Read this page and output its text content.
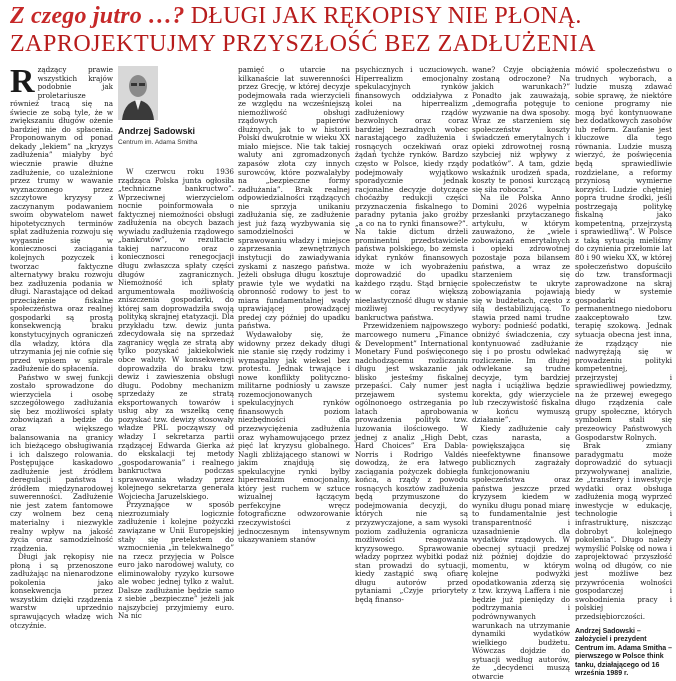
Z czego jutro …? DŁUGI JAK RĘKOPISY NIE PŁONĄ.
ZAPROJEKTUJMY PRZYSZŁOŚĆ BEZ ZADŁUŻENIA
R ządzący prawie wszystkich krajów podobnie jak proletariusze również tracą się na świecie ze sobą tyle, że w zwiększaniu długów ożenie bardziej nie do spłacenia. Proponowanym od ponad dekady „lekiem” na „kryzys zadłużenia” miałyby być wiecznie prawie dłużne zadłużenie, co uzależnione przez trumy w wawanie wyznaczonego przez szczytowe kryzysy z zaczynanym podawaniem swoim obywatelom nawet hipotetycznych terminów spłat zadłużenia rozwoju się wygasnie się w koniecznosci zaciągania kolejnych pozyczek i tworzac faktyczne alternatywy braku rozwoju bez zadłuzenia podania w długi. Narastające od dekad przeciążenie fiskalne społeczeństwa oraz realnej gospodarki są prostą konsekwencją braku konstytucyjnych ograniczeń dla władzy, która dla utrzymania jej nie cofnie się przed wpisem w spirale zadłużenie do spłacenia.

Państwo w swej funkcji zostało sprowadzone do wierzyciela i osobę szczegółowego zadłużania się bez możliwości spłaty zobowiązań a będzie do oraz większego balansowania na granicy ich bieżącego obsługiwania i ich dalszego rolowania. Postępujące kaskadowo zadłużenie jest źródłem deregulacji państwa i źródłem międzynarodowej suwerenności. Zadłużenie nie jest zatem fantomowe czy wolnem bez ceną materialny i niezwykle realny wpływ na jakość życia oraz samodzielność rządzenia.

Długi jak rękopisy nie płoną i są przenoszone zadłużając na nienarodzone pokolenia jako konsekwencja przez wszystkim dzięki rządzenia warstw uprzednio sprawujących władzę wich otczyźnie.

Andrzej Sadowski
Centrum im. Adama Smitha

W czerwcu roku 1936 rządząca Polska junta ogłosiła „techniczne bankructwo”. Wprzeciwnej wierzycielom nocnie poinformowała o faktycznej niemożności obsługi zadłużenia na obcych bazach wywiadu zadłużenia rządowego „bankrutów”, w rezultacie takiej narzucono oraz o koniecznosci renegocjacji długu zwłaszcza spłaty części długów zagranicznych. Niemożność ich spłaty argumentowała możliwością zniszczenia gospodarki, do której sam doprowadziła swoją polityką skrajnej etatyzacji. Dla przykładu tzw. dewiz junta zdecydowała się na sprzedaż zagranicy węgla ze stratą aby tylko pozyskać jakiekolwiek obce waluty. W konsekwencji doprowadziła do braku tzw. dewiz i zawieszenia obsługi długu. Podobny mechanizm sprzedaży ze stratą eksportowanych towarów i usług aby za wszelką cenę pozyskać tzw. dewizy stosowały władze PRL począwszy od władzy I sekretarza partii rządzącej Edwarda Gierka aż do ekskalacji tej metody „gospodarowania” i realnego bankructwa podczas sprawowania władzy przez kolejnego sekretarza generała Wojciecha Jaruzelskiego.

Przyznające w sposób niezrozumiały logicznie zadłużenie i kolejne pożyczki zawiązane w Unii Europejskiej stały się pretekstem do wzmocnienia „in telekwalnego” na rzecz przyjęcia w Polsce euro jako narodowej waluty, co eliminowałoby ryzyko kursowe ale wobec jednej tylko z walut. Dalsze zadłużanie będzie samo z siebie „bezpieczne” jeżeli jak najszybciej przyjmiemy euro. Na nic

pamięć o utarcie na kilkanaście lat suwerenności przez Grecję, w której decyzje podejmowała rada wierzycieli ze względu na wcześniejszą niemożliwość obsługi rządowych papierów dłużnych, jak to w historii Polski dwukrotnie w wieku XX miało miejsce. Nie tak takiej waluty ani zgromadzonych zapasów złota czy innych surowców, które pozwalałyby na „bezpieczne formy zadłużania”. Brak realnej odpowiedzialności rządzących nie sprzyja unikaniu zadłużania się, ze zadłużenie jest już fazą wyzbywania się samodzielności w sprawowaniu władzy i miejsce zaprzesania zewnętrznych instytucji do zawiadywania zyskami z naszego państwa. Jeżeli obsługa długu kosztuje prawie tyle we wydatki na obronność rodowy to jest to miara fundamentalnej wady uprawiającej prowadzącej predej czy później do upadku państwa.

Wydawałoby się, że widowny przez dekady długi nie stanie się rzędy rodzimy i wymagalny jak wieksel bez protestu. Jednak trwające i nowe konflikty polityczno-militarne podniosły u zawsze rozemocjonowanych spekulacyjnych rynków finansowych poziom niezbędności dla przezwyciężenia zadłużenia oraz wyhamowującego przez pięć lat kryzysu globalnego. Nagli zbliżającego stanowi w jakim znajdują się spekulacyjne rynki byłby hiperrealizm emocjonalny, który jest ruchem w sztuce wizualnej łączącym perfekcyjne wręcz fotograficzne odwzorowanie rzeczywistości z jednoczesnym intensywnym ukazywaniem stanów

psychicznych i uczuciowych. Hiperrealizm emocjonalny spekulacyjnych rynków finansowych oddziaływa z kolei na hiperrealizm zadłużeniowy rządów bezwolnych oraz coraz bardziej bezradnych wobec narastającego zadłużenia i rosnących oczekiwań oraz żądań tychże rynków. Bardzo często w Polsce, kiedy rządy podejmowały wyjątkowo sporadycznie jednak racjonalne decyzje dotyczące choćażby redukcji części przyznaczenia fiskalnego to paradny pytania jako grożby „a co na to rynki finansowe?”. Na takie dictum drżeli prominentni przedstawiciele państwa polskiego, bo zemsta idykat rynków finansowych może w ich wyobrażeniu doprowadzić do upadku każdego rządu. Stąd brnięcie w coraz większą nieelastyczność długu w stanie możliwej recydywy bankructwa państwa.

Przewidzeniem najpowszego marcowego numeru „Finance & Development” International Monetary Fund poświęconego nadchodzącemu rozliczaniu długu jest wskazanie jak blisko jesteśmy fiskalnej przepaści. Cały numer jest przejawem systemu ogólnonoego ostrzegania po latach aprobowania prowadzenia polityk tzw. luzowania ilościowego. W jednej z analiz „High Debt, Hard Choices” Era Dabla-Norris i Rodrigo Valdés dowodzą, że era łatwego zaciągania pożyczek dobiegła końca, a rządy z powodu rosnących kosztów zadłużenia będą przymuszone do podejmowania decyzji, do których nie są przyzwyczajone, a sam wysoki poziom zadłużenia ogranicza możliwości reagowania kryzysowego. Sprawowanie władzy poprzez wybitki podaż stan prowadzi do sytuacji, kiedy zastąpić swą ofiarę długu autorów przed pytaniami „Czyje priorytety będą finanso-

wane? Czyje obciążenia zostaną odroczone? Na jakich warunkach?” Ponadto jak zauważają, „demografia potęguje to wyzwanie na dwa sposoby. Wraz ze starzeniem się społeczeństw koszty świadczeń emerytalnych i opieki zdrowotnej rosną szybciej niż wpływy z podatków”. A tam, gdzie wskaźnik urodzeń spada, koszty te ponosi kurczącą się siła robocza”.

Na ile Polska Anno Domini 2026 wypełnia przesłanki przytaczanego artykułu, w którym zauważono, że „wiele zobowiązań emerytalnych i opieki zdrowotnej pozostaje poza bilansem państwa, a wraz ze starzeniem się społeczeństw te ukryte zobowiązania pojawiają się w budżetach, często z siłą destabilizującą. To stawia przed nami trudne wybory: podnieść podatki, obniżyć świadczenia, czy kontynuować zadłużanie się i po prostu odwlekać rozliczenie. Im dłużej odwlekane są trudne decyzje, tym bardziej nagła i uciążliwa będzie korekta, gdy wierzyciele lub rzeczywistość fiskalna w końcu wymuszą działanie”.

Kiedy zadłużenie cały czas narasta, a powiększająca się nieefektywne finansowe publicznych zagrażały funkcjonowaniu społeczeństwa oraz państwa jeszcze przed kryzysem kiedem w wyniku długu ponad miarę to fundamentalnie jest transparentność i uzasadnienie dla wydatków rządowych. W obecnej sytuacji predzej niż później dojdzie do momentu, w którym kolejne podwyżki opodatkowania zderzą się z tzw. krzywą Laffera i nie będzie już pieniędzy do podtrzymania i podrównywanych warunkach na utrzymanie dynamiki wydatków wielkiego budżetu. Wówczas dojdzie do sytuacji według autorów, że „decydenci muszą otwarcie

mówić społeczeństwu o trudnych wyborach, a ludzie muszą zdawać sobie sprawę, że niektóre cenione programy nie mogą być kontynuowane bez dodatkowych zasobów lub reform. Zaufanie jest kluczowe dla tego równania. Ludzie muszą wierzyć, że poświęcenia będą sprawiedliwie rozdzielane, a reformy przyniosą wymierne korzyści. Ludzie chętniej popra trudne środki, jeśli postrzegają politykę fiskalną jako kompetentną, przejrzystą i sprawiedliwą”. W Polsce z taką sytuacją mieliśmy do czynienia przełomie lat 80 i 90 wieku XX, w której społeczeństwo dopuściło do tzw. transformacji zaprowadzone na skraj biedy w systemie gospodarki permanentnego niedoboru zaakceptowało tzw. terapię szokową. Jednak sytuacja obecna jest inna, że rządzący nie nadwyrężają się w prowadzeniu polityki kompetentnej, przejrzystej i sprawiedliwej powiedzmy, na że przewej ewegego długo rządzenia całe grupy społeczne, których symbolem stali się prezeowicy Państwowych Gospodarstw Rolnych.

Brak zmiany paradygmatu może doprowadzić do sytuacji przywoływanej analizie, że „transfery i inwestycje wydatki oraz obsługa zadłużenia mogą wyprzeć inwestycje w edukację, technologie i infrastrukturę, niszcząc dobrobyt kolejnego pokolenia”. Długo należy wymyślić Polskę od nowa i zaprojektować przyszłość wolną od długów, co nie jest możliwe bez przywrócenia wolności gospodarczej i swobodnienia pracy i polskiej przedsiębiorczości.

Andrzej Sadowski – założyciel i prezydent Centrum im. Adama Smitha – pierwszego w Polsce think tanku, działającego od 16 września 1989 r.
